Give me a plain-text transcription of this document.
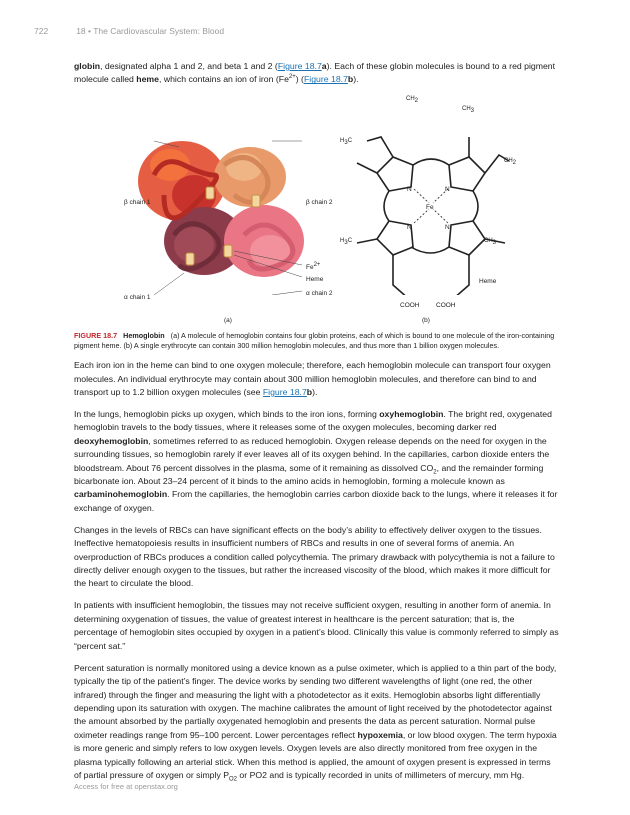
722	18 • The Cardiovascular System: Blood

globin, designated alpha 1 and 2, and beta 1 and 2 (Figure 18.7a). Each of these globin molecules is bound to a red pigment molecule called heme, which contains an ion of iron $(Fe^{2+})$ (Figure 18.7b).

β chain 1	β chain 2
$Fe^{2+}$
Heme
α chain 1
α chain 2
(a)
$CH_2$
$CH_3$
$H_3C$
$CH_2$
N	N
Fe
N	N
$H_3C$	$CH_3$
Heme
COOH	COOH
(b)

FIGURE 18.7 Hemoglobin (a) A molecule of hemoglobin contains four globin proteins, each of which is bound to one molecule of the iron-containing pigment heme. (b) A single erythrocyte can contain 300 million hemoglobin molecules, and thus more than 1 billion oxygen molecules.

Each iron ion in the heme can bind to one oxygen molecule; therefore, each hemoglobin molecule can transport four oxygen molecules. An individual erythrocyte may contain about 300 million hemoglobin molecules, and therefore can bind to and transport up to 1.2 billion oxygen molecules (see Figure 18.7b).

In the lungs, hemoglobin picks up oxygen, which binds to the iron ions, forming oxyhemoglobin. The bright red, oxygenated hemoglobin travels to the body tissues, where it releases some of the oxygen molecules, becoming darker red deoxyhemoglobin, sometimes referred to as reduced hemoglobin. Oxygen release depends on the need for oxygen in the surrounding tissues, so hemoglobin rarely if ever leaves all of its oxygen behind. In the capillaries, carbon dioxide enters the bloodstream. About 76 percent dissolves in the plasma, some of it remaining as dissolved $CO_2$, and the remainder forming bicarbonate ion. About 23–24 percent of it binds to the amino acids in hemoglobin, forming a molecule known as carbaminohemoglobin. From the capillaries, the hemoglobin carries carbon dioxide back to the lungs, where it releases it for exchange of oxygen.

Changes in the levels of RBCs can have significant effects on the body’s ability to effectively deliver oxygen to the tissues. Ineffective hematopoiesis results in insufficient numbers of RBCs and results in one of several forms of anemia. An overproduction of RBCs produces a condition called polycythemia. The primary drawback with polycythemia is not a failure to directly deliver enough oxygen to the tissues, but rather the increased viscosity of the blood, which makes it more difficult for the heart to circulate the blood.

In patients with insufficient hemoglobin, the tissues may not receive sufficient oxygen, resulting in another form of anemia. In determining oxygenation of tissues, the value of greatest interest in healthcare is the percent saturation; that is, the percentage of hemoglobin sites occupied by oxygen in a patient’s blood. Clinically this value is commonly referred to simply as “percent sat.”

Percent saturation is normally monitored using a device known as a pulse oximeter, which is applied to a thin part of the body, typically the tip of the patient’s finger. The device works by sending two different wavelengths of light (one red, the other infrared) through the finger and measuring the light with a photodetector as it exits. Hemoglobin absorbs light differentially depending upon its saturation with oxygen. The machine calibrates the amount of light received by the photodetector against the amount absorbed by the partially oxygenated hemoglobin and presents the data as percent saturation. Normal pulse oximeter readings range from 95–100 percent. Lower percentages reflect hypoxemia, or low blood oxygen. The term hypoxia is more generic and simply refers to low oxygen levels. Oxygen levels are also directly monitored from free oxygen in the plasma typically following an arterial stick. When this method is applied, the amount of oxygen present is expressed in terms of partial pressure of oxygen or simply $P_{O2}$ or PO2 and is typically recorded in units of millimeters of mercury, mm Hg.

Access for free at openstax.org
